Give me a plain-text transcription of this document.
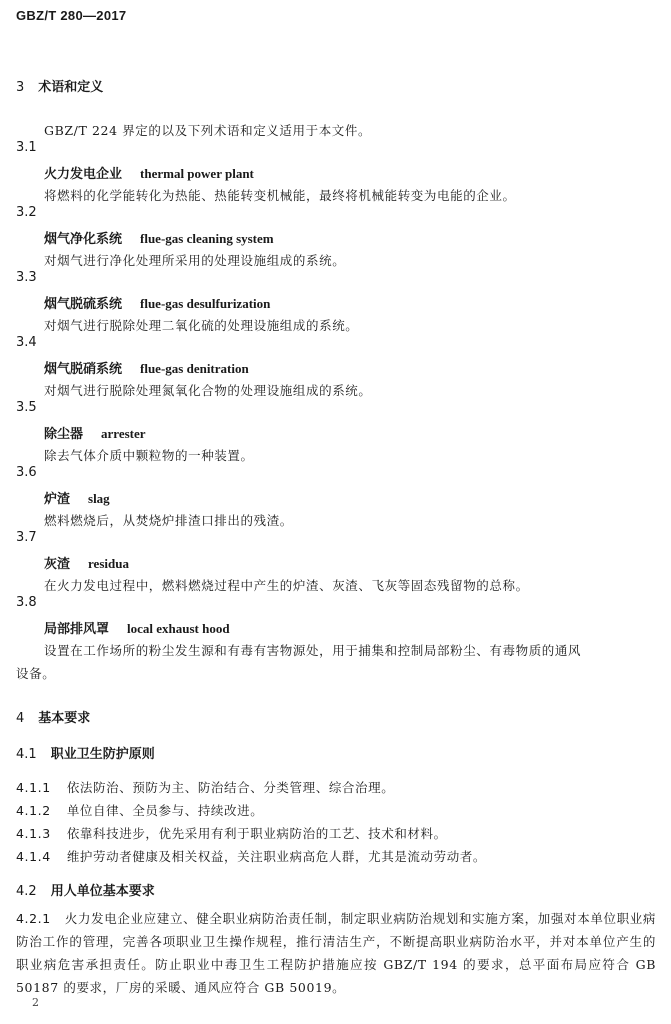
GBZ/T 280—2017
3 术语和定义
GBZ/T 224 界定的以及下列术语和定义适用于本文件。
3.1
火力发电企业 thermal power plant
将燃料的化学能转化为热能、热能转变机械能，最终将机械能转变为电能的企业。
3.2
烟气净化系统 flue-gas cleaning system
对烟气进行净化处理所采用的处理设施组成的系统。
3.3
烟气脱硫系统 flue-gas desulfurization
对烟气进行脱除处理二氧化硫的处理设施组成的系统。
3.4
烟气脱硝系统 flue-gas denitration
对烟气进行脱除处理氮氧化合物的处理设施组成的系统。
3.5
除尘器 arrester
除去气体介质中颗粒物的一种装置。
3.6
炉渣 slag
燃料燃烧后，从焚烧炉排渣口排出的残渣。
3.7
灰渣 residua
在火力发电过程中，燃料燃烧过程中产生的炉渣、灰渣、飞灰等固态残留物的总称。
3.8
局部排风罩 local exhaust hood
设置在工作场所的粉尘发生源和有毒有害物源处，用于捕集和控制局部粉尘、有毒物质的通风
设备。
4 基本要求
4.1 职业卫生防护原则
4.1.1 依法防治、预防为主、防治结合、分类管理、综合治理。
4.1.2 单位自律、全员参与、持续改进。
4.1.3 依靠科技进步，优先采用有利于职业病防治的工艺、技术和材料。
4.1.4 维护劳动者健康及相关权益，关注职业病高危人群，尤其是流动劳动者。
4.2 用人单位基本要求
4.2.1 火力发电企业应建立、健全职业病防治责任制，制定职业病防治规划和实施方案，加强对本单位职业病防治工作的管理，完善各项职业卫生操作规程，推行清洁生产，不断提高职业病防治水平，并对本单位产生的职业病危害承担责任。防止职业中毒卫生工程防护措施应按 GBZ/T 194 的要求，总平面布局应符合 GB 50187 的要求，厂房的采暖、通风应符合 GB 50019。
2
